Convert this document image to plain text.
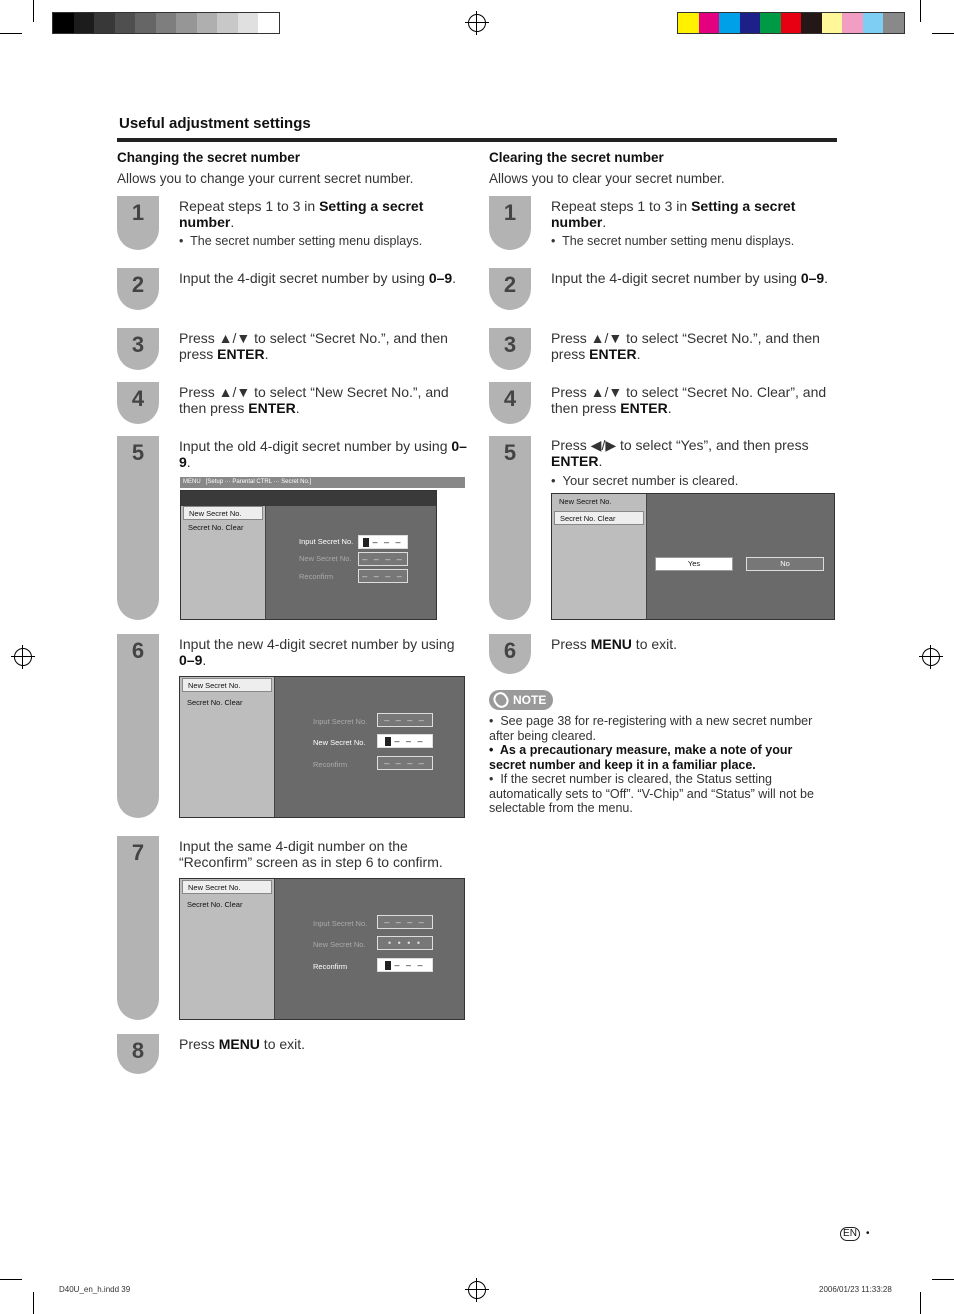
Useful adjustment settings
Changing the secret number
Allows you to change your current secret number.
Clearing the secret number
Allows you to clear your secret number.
1	Repeat steps 1 to 3 in Setting a secret number.
•  The secret number setting menu displays.
2	Input the 4-digit secret number by using 0–9.
3	Press ▲/▼ to select “Secret No.”, and then press ENTER.
4	Press ▲/▼ to select “New Secret No.”, and then press ENTER.
5	Input the old 4-digit secret number by using 0–9.
MENU [Setup ··· Parental CTRL ··· Secret No.]
New Secret No.
Secret No. Clear
Input Secret No.	– – –
New Secret No.	– – – –
Reconfirm	– – – –
6	Input the new 4-digit secret number by using 0–9.
New Secret No.
Secret No. Clear
Input Secret No.	– – – –
New Secret No.	– – –
Reconfirm	– – – –
7	Input the same 4-digit number on the “Reconfirm” screen as in step 6 to confirm.
New Secret No.
Secret No. Clear
Input Secret No.	– – – –
New Secret No.	• • • •
Reconfirm	– – –
8	Press MENU to exit.
1	Repeat steps 1 to 3 in Setting a secret number.
•  The secret number setting menu displays.
2	Input the 4-digit secret number by using 0–9.
3	Press ▲/▼ to select “Secret No.”, and then press ENTER.
4	Press ▲/▼ to select “Secret No. Clear”, and then press ENTER.
5	Press ◀/▶ to select “Yes”, and then press ENTER.
•  Your secret number is cleared.
New Secret No.
Secret No. Clear
Yes	No
6	Press MENU to exit.
NOTE
•  See page 38 for re-registering with a new secret number after being cleared.
•  As a precautionary measure, make a note of your secret number and keep it in a familiar place.
•  If the secret number is cleared, the Status setting automatically sets to “Off”. “V-Chip” and “Status” will not be selectable from the menu.
EN •
D40U_en_h.indd 39	2006/01/23 11:33:28
